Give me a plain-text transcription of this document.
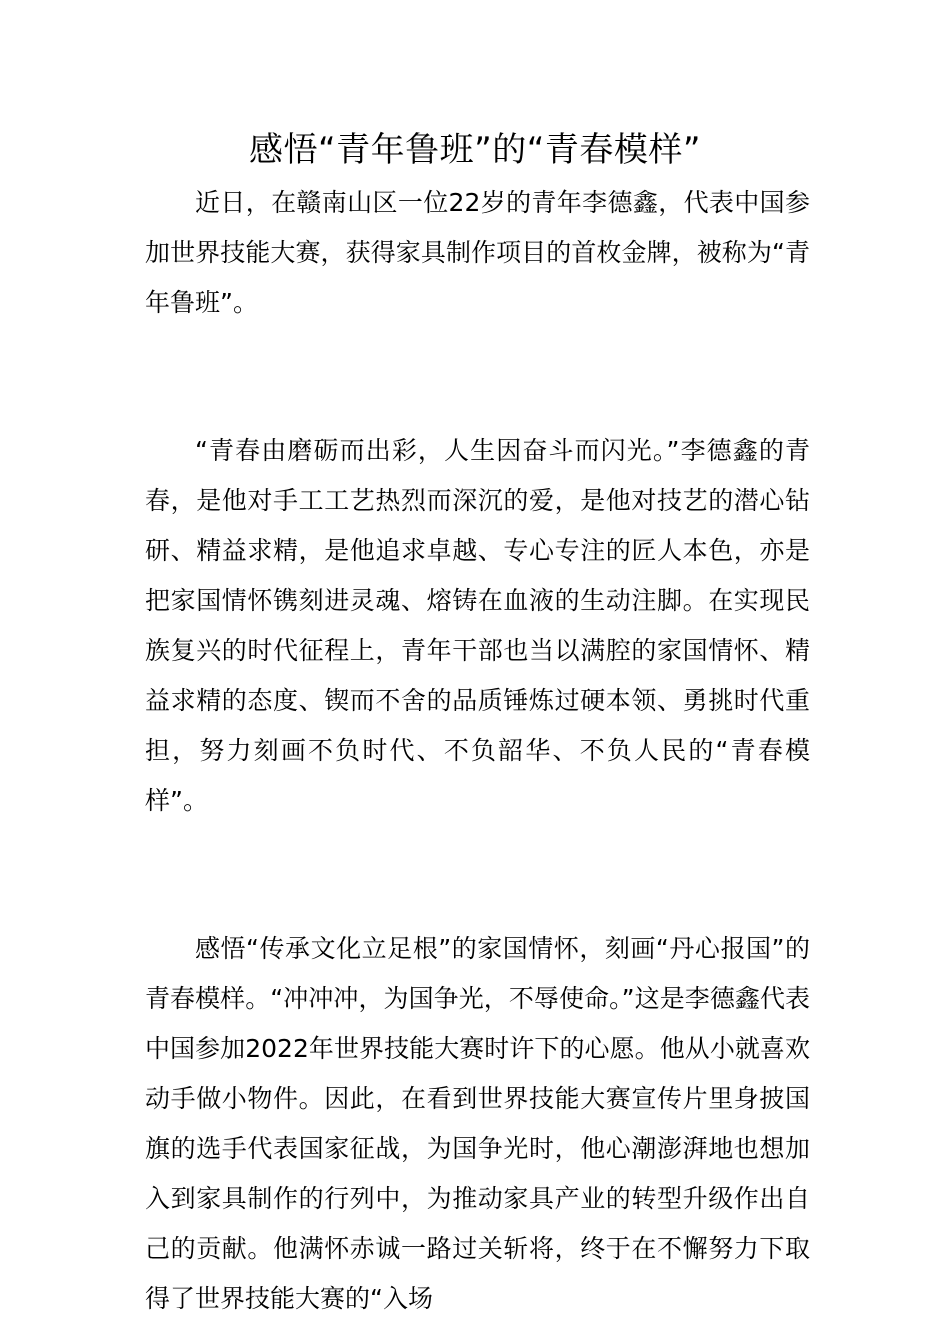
感悟“青年鲁班”的“青春模样”

近日，在赣南山区一位22岁的青年李德鑫，代表中国参加世界技能大赛，获得家具制作项目的首枚金牌，被称为“青年鲁班”。

“青春由磨砺而出彩，人生因奋斗而闪光。”李德鑫的青春，是他对手工工艺热烈而深沉的爱，是他对技艺的潜心钻研、精益求精，是他追求卓越、专心专注的匠人本色，亦是把家国情怀镌刻进灵魂、熔铸在血液的生动注脚。在实现民族复兴的时代征程上，青年干部也当以满腔的家国情怀、精益求精的态度、锲而不舍的品质锤炼过硬本领、勇挑时代重担，努力刻画不负时代、不负韶华、不负人民的“青春模样”。

感悟“传承文化立足根”的家国情怀，刻画“丹心报国”的青春模样。“冲冲冲，为国争光，不辱使命。”这是李德鑫代表中国参加2022年世界技能大赛时许下的心愿。他从小就喜欢动手做小物件。因此，在看到世界技能大赛宣传片里身披国旗的选手代表国家征战，为国争光时，他心潮澎湃地也想加入到家具制作的行列中，为推动家具产业的转型升级作出自己的贡献。他满怀赤诚一路过关斩将，终于在不懈努力下取得了世界技能大赛的“入场
